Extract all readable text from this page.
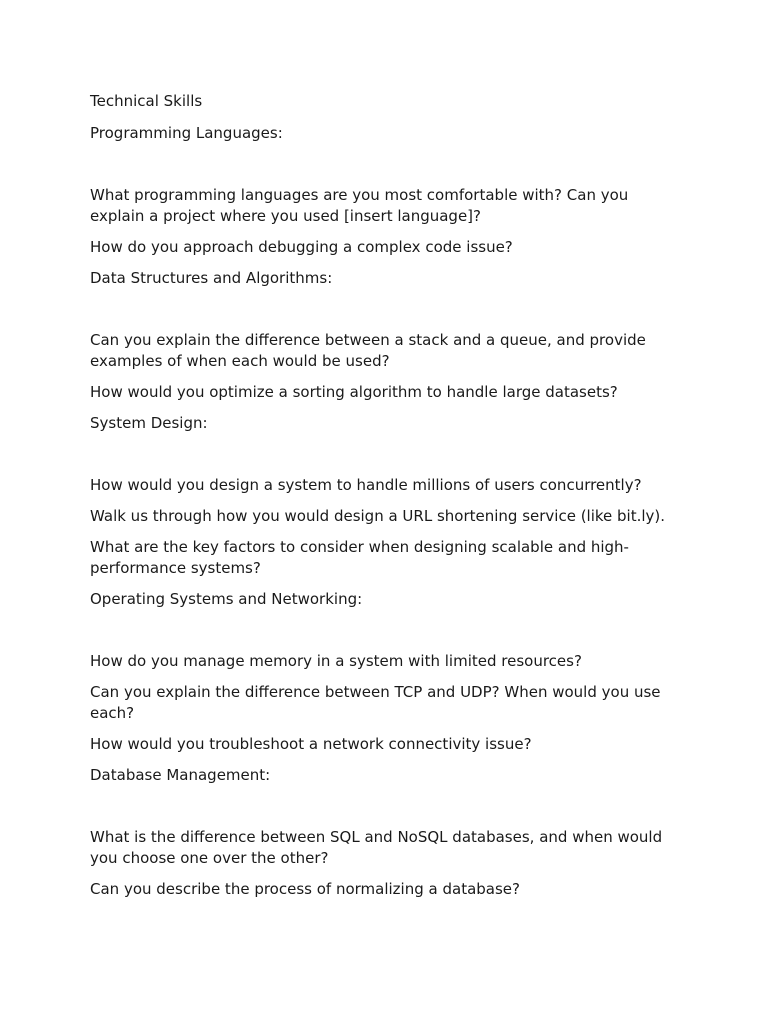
Technical Skills

Programming Languages:

What programming languages are you most comfortable with? Can you explain a project where you used [insert language]?

How do you approach debugging a complex code issue?

Data Structures and Algorithms:

Can you explain the difference between a stack and a queue, and provide examples of when each would be used?

How would you optimize a sorting algorithm to handle large datasets?

System Design:

How would you design a system to handle millions of users concurrently?

Walk us through how you would design a URL shortening service (like bit.ly).

What are the key factors to consider when designing scalable and high-performance systems?

Operating Systems and Networking:

How do you manage memory in a system with limited resources?

Can you explain the difference between TCP and UDP? When would you use each?

How would you troubleshoot a network connectivity issue?

Database Management:

What is the difference between SQL and NoSQL databases, and when would you choose one over the other?

Can you describe the process of normalizing a database?
